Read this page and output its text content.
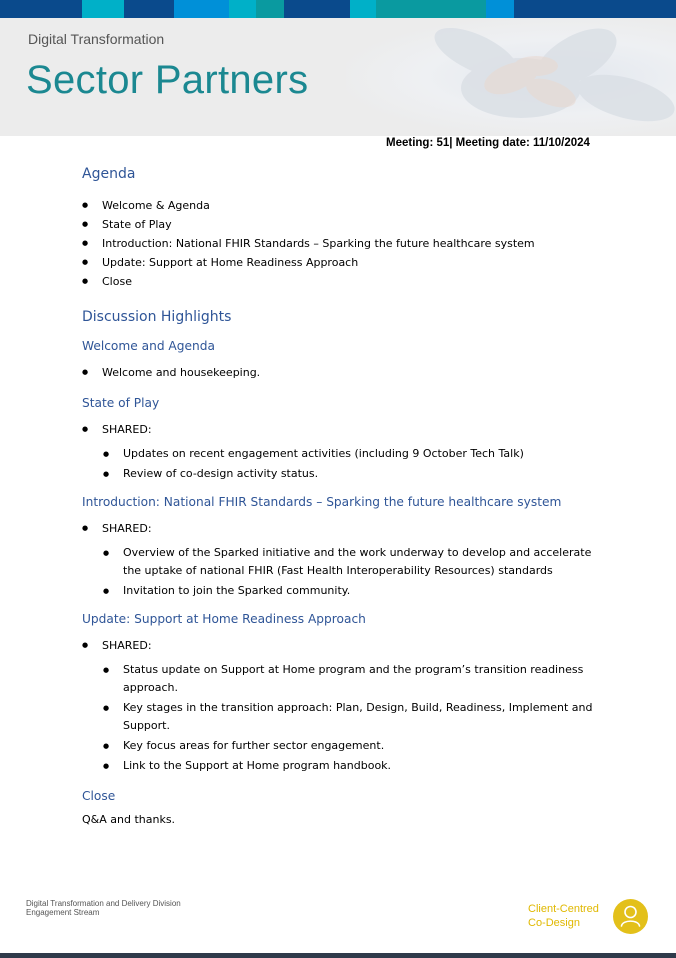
Digital Transformation
Sector Partners
Meeting: 51| Meeting date: 11/10/2024
Agenda
● Welcome & Agenda
● State of Play
● Introduction: National FHIR Standards – Sparking the future healthcare system
● Update: Support at Home Readiness Approach
● Close
Discussion Highlights
Welcome and Agenda
● Welcome and housekeeping.
State of Play
● SHARED:
● Updates on recent engagement activities (including 9 October Tech Talk)
● Review of co-design activity status.
Introduction: National FHIR Standards – Sparking the future healthcare system
● SHARED:
● Overview of the Sparked initiative and the work underway to develop and accelerate the uptake of national FHIR (Fast Health Interoperability Resources) standards
● Invitation to join the Sparked community.
Update: Support at Home Readiness Approach
● SHARED:
● Status update on Support at Home program and the program’s transition readiness approach.
● Key stages in the transition approach: Plan, Design, Build, Readiness, Implement and Support.
● Key focus areas for further sector engagement.
● Link to the Support at Home program handbook.
Close

Q&A and thanks.

Digital Transformation and Delivery Division
Engagement Stream	Client-Centred
Co-Design
